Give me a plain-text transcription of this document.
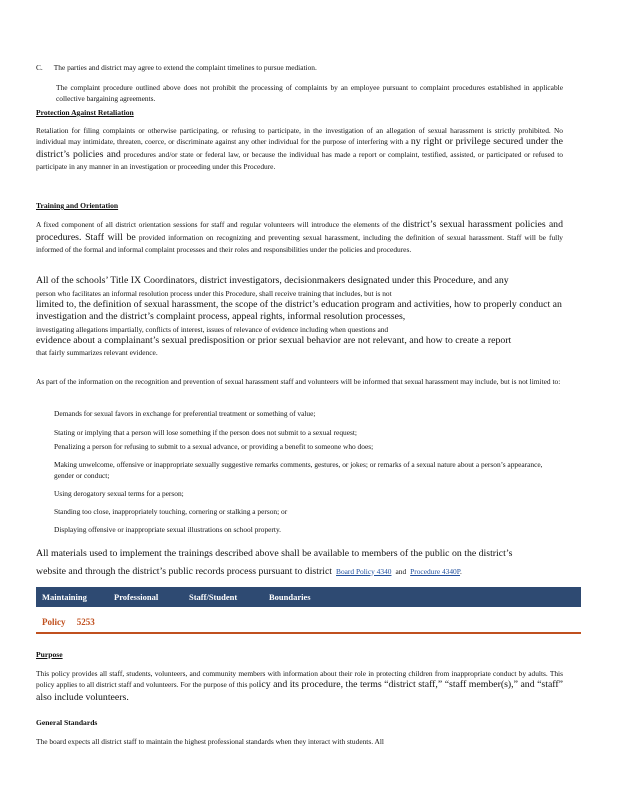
C. The parties and district may agree to extend the complaint timelines to pursue mediation.
The complaint procedure outlined above does not prohibit the processing of complaints by an employee pursuant to complaint procedures established in applicable collective bargaining agreements.
Protection Against Retaliation
Retaliation for filing complaints or otherwise participating, or refusing to participate, in the investigation of an allegation of sexual harassment is strictly prohibited. No individual may intimidate, threaten, coerce, or discriminate against any other individual for the purpose of interfering with a ny right or privilege secured under the district’s policies and procedures and/or state or federal law, or because the individual has made a report or complaint, testified, assisted, or participated or refused to participate in any manner in an investigation or proceeding under this Procedure.
Training and Orientation
A fixed component of all district orientation sessions for staff and regular volunteers will introduce the elements of the district’s sexual harassment policies and procedures. Staff will be provided information on recognizing and preventing sexual harassment, including the definition of sexual harassment. Staff will be fully informed of the formal and informal complaint processes and their roles and responsibilities under the policies and procedures.
All of the schools’ Title IX Coordinators, district investigators, decisionmakers designated under this Procedure, and any
person who facilitates an informal resolution process under this Procedure, shall receive training that includes, but is not
limited to, the definition of sexual harassment, the scope of the district’s education program and activities, how to properly conduct an investigation and the district’s complaint process, appeal rights, informal resolution processes,
investigating allegations impartially, conflicts of interest, issues of relevance of evidence including when questions and
evidence about a complainant’s sexual predisposition or prior sexual behavior are not relevant, and how to create a report
that fairly summarizes relevant evidence.
As part of the information on the recognition and prevention of sexual harassment staff and volunteers will be informed that sexual harassment may include, but is not limited to:
Demands for sexual favors in exchange for preferential treatment or something of value;
Stating or implying that a person will lose something if the person does not submit to a sexual request;
Penalizing a person for refusing to submit to a sexual advance, or providing a benefit to someone who does;
Making unwelcome, offensive or inappropriate sexually suggestive remarks comments, gestures, or jokes; or remarks of a sexual nature about a person’s appearance, gender or conduct;
Using derogatory sexual terms for a person;
Standing too close, inappropriately touching, cornering or stalking a person; or
Displaying offensive or inappropriate sexual illustrations on school property.
All materials used to implement the trainings described above shall be available to members of the public on the district’s
website and through the district’s public records process pursuant to district Board Policy 4340 and Procedure 4340P.
Maintaining	Professional	Staff/Student	Boundaries
Policy 5253
Purpose
This policy provides all staff, students, volunteers, and community members with information about their role in protecting children from inappropriate conduct by adults. This policy applies to all district staff and volunteers. For the purpose of this policy and its procedure, the terms “district staff,” “staff member(s),” and “staff” also include volunteers.
General Standards
The board expects all district staff to maintain the highest professional standards when they interact with students. All
